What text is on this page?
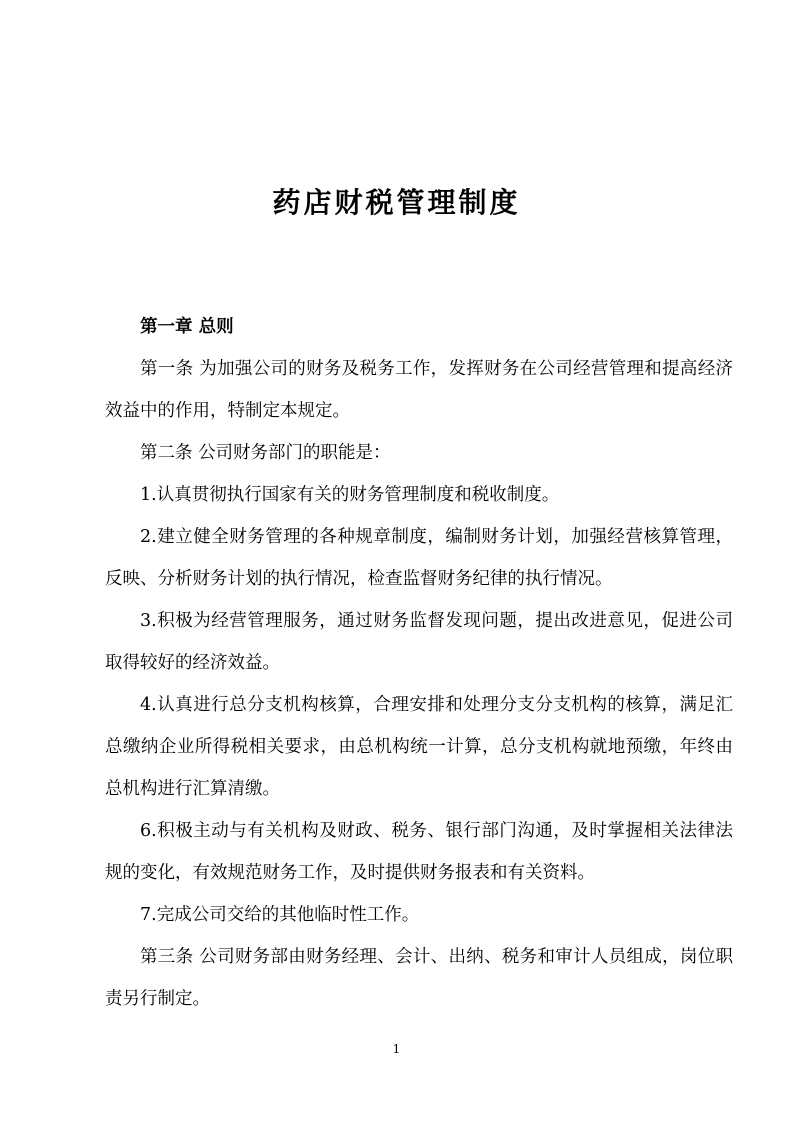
药店财税管理制度

第一章 总则

第一条 为加强公司的财务及税务工作，发挥财务在公司经营管理和提高经济效益中的作用，特制定本规定。

第二条 公司财务部门的职能是：

1.认真贯彻执行国家有关的财务管理制度和税收制度。

2.建立健全财务管理的各种规章制度，编制财务计划，加强经营核算管理，反映、分析财务计划的执行情况，检查监督财务纪律的执行情况。

3.积极为经营管理服务，通过财务监督发现问题，提出改进意见，促进公司取得较好的经济效益。

4.认真进行总分支机构核算，合理安排和处理分支分支机构的核算，满足汇总缴纳企业所得税相关要求，由总机构统一计算，总分支机构就地预缴，年终由总机构进行汇算清缴。

6.积极主动与有关机构及财政、税务、银行部门沟通，及时掌握相关法律法规的变化，有效规范财务工作，及时提供财务报表和有关资料。

7.完成公司交给的其他临时性工作。

第三条 公司财务部由财务经理、会计、出纳、税务和审计人员组成，岗位职责另行制定。

1
